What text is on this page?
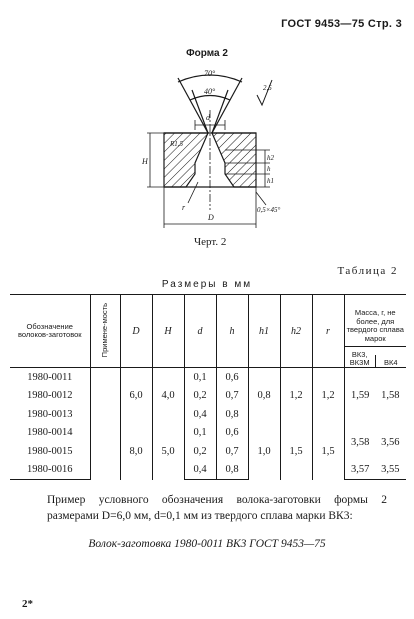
ГОСТ 9453—75 Стр. 3
Форма 2
70°
40°
d
R1,5
H	h2
h
h1
r
D
0,5×45°
2,5
Черт. 2
Таблица 2
Размеры в мм
Обозначение волоков-заготовок	Примене-мость	D	H	d	h	h1	h2	r	Масса, г, не более, для твердого сплава марок
ВК3, ВК3М ВК4

1980-0011		6,0	4,0	0,1	0,6	0,8	1,2	1,2	1,59 1,58
1980-0012				0,2	0,7				
1980-0013				0,4	0,8				
1980-0014		8,0	5,0	0,1	0,6	1,0	1,5	1,5	3,58 3,56
1980-0015				0,2	0,7				
1980-0016				0,4	0,8				3,57 3,55
Пример условного обозначения волока-заготовки формы 2 размерами D=6,0 мм, d=0,1 мм из твердого сплава марки ВК3:
Волок-заготовка 1980-0011 ВК3 ГОСТ 9453—75
2*
